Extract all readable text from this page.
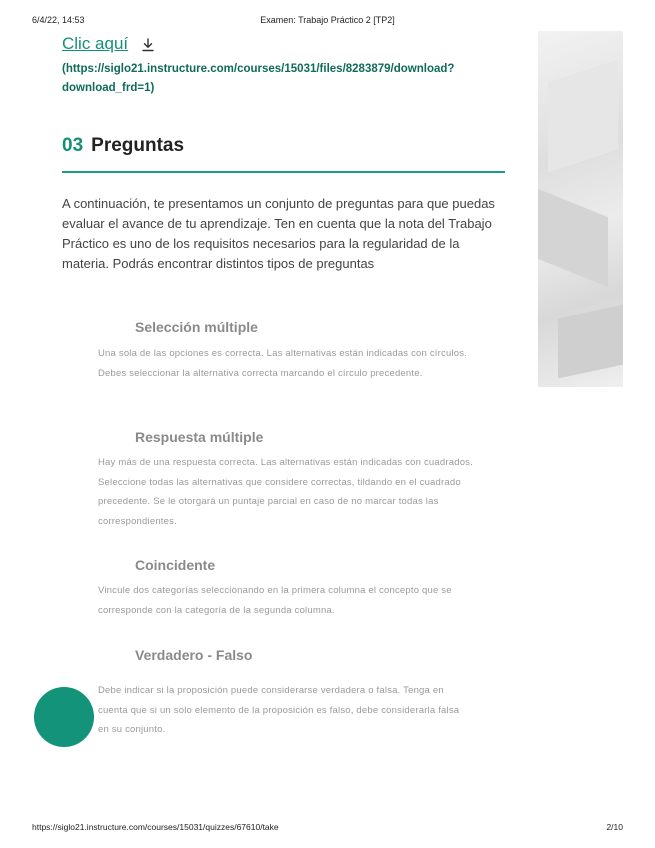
6/4/22, 14:53	Examen: Trabajo Práctico 2 [TP2]
Clic aquí
(https://siglo21.instructure.com/courses/15031/files/8283879/download?download_frd=1)
03 Preguntas
A continuación, te presentamos un conjunto de preguntas para que puedas evaluar el avance de tu aprendizaje. Ten en cuenta que la nota del Trabajo Práctico es uno de los requisitos necesarios para la regularidad de la materia. Podrás encontrar distintos tipos de preguntas
Selección múltiple
Una sola de las opciones es correcta. Las alternativas están indicadas con círculos. Debes seleccionar la alternativa correcta marcando el círculo precedente.
Respuesta múltiple
Hay más de una respuesta correcta. Las alternativas están indicadas con cuadrados. Seleccione todas las alternativas que considere correctas, tildando en el cuadrado precedente. Se le otorgará un puntaje parcial en caso de no marcar todas las correspondientes.
Coincidente
Vincule dos categorías seleccionando en la primera columna el concepto que se corresponde con la categoría de la segunda columna.
Verdadero - Falso
Debe indicar si la proposición puede considerarse verdadera o falsa. Tenga en cuenta que si un solo elemento de la proposición es falso, debe considerarla falsa en su conjunto.
https://siglo21.instructure.com/courses/15031/quizzes/67610/take	2/10
